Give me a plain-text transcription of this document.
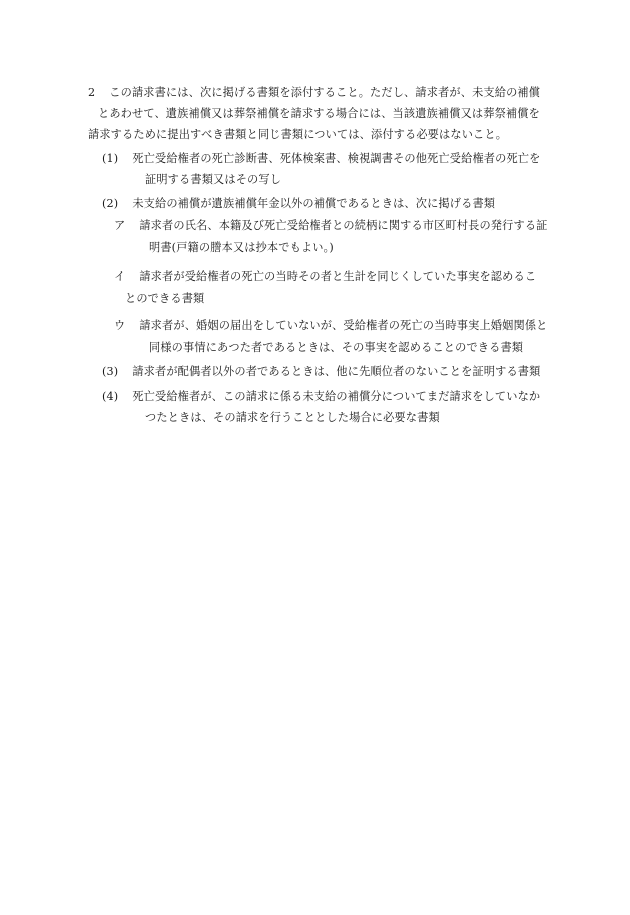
2 この請求書には、次に掲げる書類を添付すること。ただし、請求者が、未支給の補償
とあわせて、遺族補償又は葬祭補償を請求する場合には、当該遺族補償又は葬祭補償を
請求するために提出すべき書類と同じ書類については、添付する必要はないこと。
(1) 死亡受給権者の死亡診断書、死体検案書、検視調書その他死亡受給権者の死亡を
証明する書類又はその写し
(2) 未支給の補償が遺族補償年金以外の補償であるときは、次に掲げる書類
ア 請求者の氏名、本籍及び死亡受給権者との続柄に関する市区町村長の発行する証
明書(戸籍の謄本又は抄本でもよい。)
イ 請求者が受給権者の死亡の当時その者と生計を同じくしていた事実を認めるこ
とのできる書類
ウ 請求者が、婚姻の届出をしていないが、受給権者の死亡の当時事実上婚姻関係と
同様の事情にあつた者であるときは、その事実を認めることのできる書類
(3) 請求者が配偶者以外の者であるときは、他に先順位者のないことを証明する書類
(4) 死亡受給権者が、この請求に係る未支給の補償分についてまだ請求をしていなか
つたときは、その請求を行うこととした場合に必要な書類
